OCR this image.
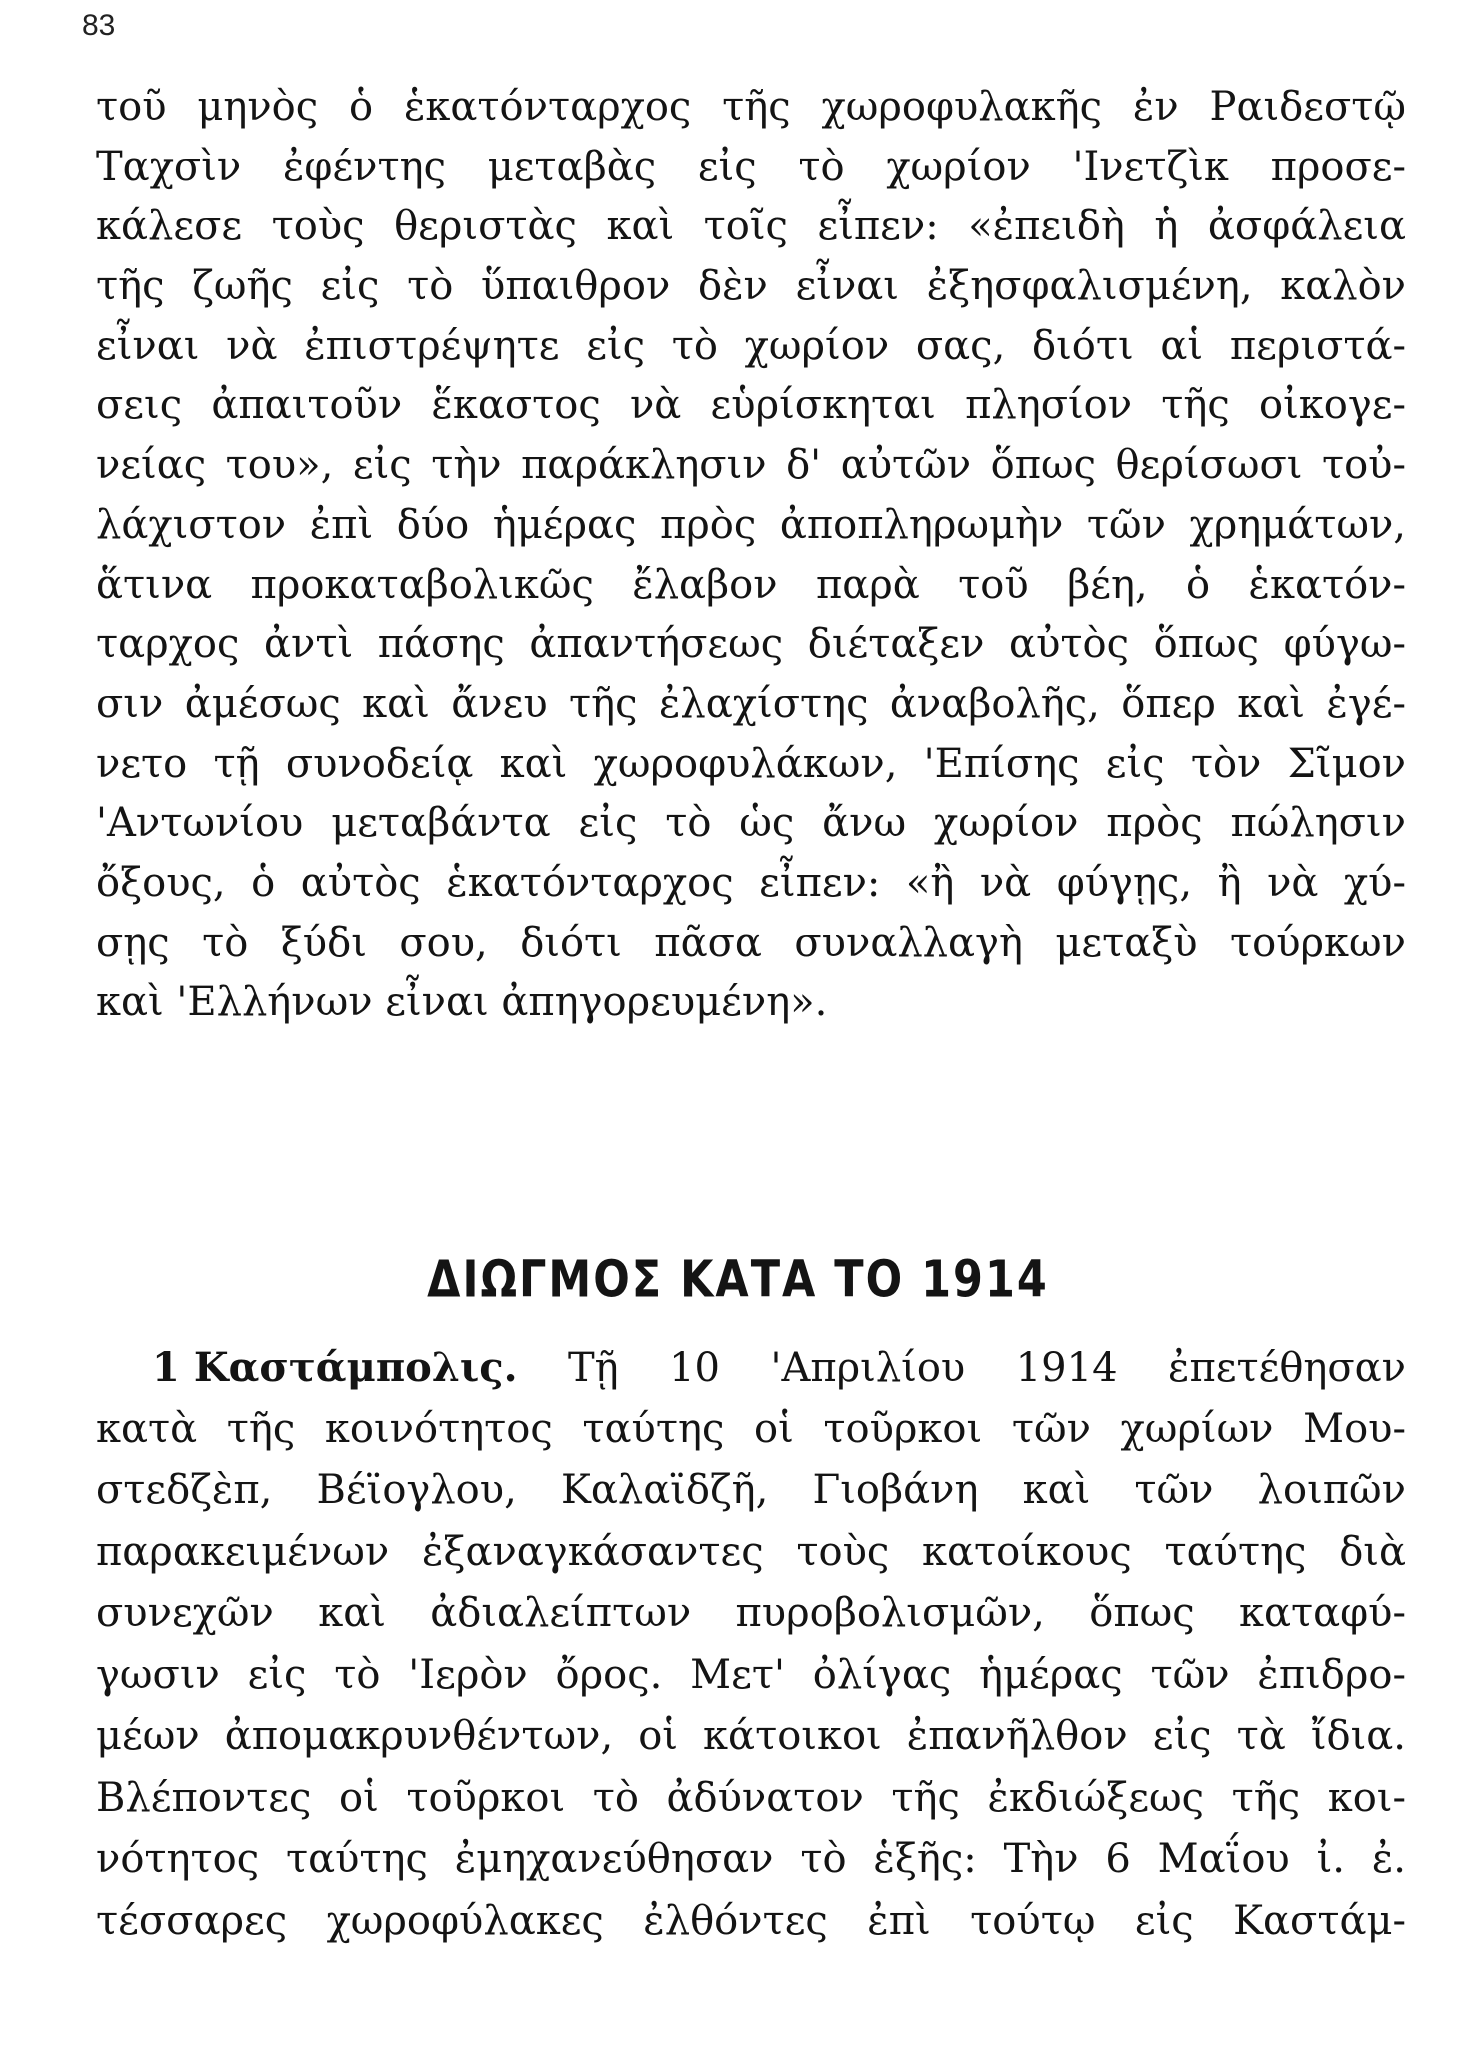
83
τοῦ μηνὸς ὁ ἑκατόνταρχος τῆς χωροφυλακῆς ἐν Ραιδεστῷ
Ταχσὶν ἐφέντης μεταβὰς εἰς τὸ χωρίον 'Ινετζὶκ προσε-
κάλεσε τοὺς θεριστὰς καὶ τοῖς εἶπεν: «ἐπειδὴ ἡ ἀσφάλεια
τῆς ζωῆς εἰς τὸ ὕπαιθρον δὲν εἶναι ἐξησφαλισμένη, καλὸν
εἶναι νὰ ἐπιστρέψητε εἰς τὸ χωρίον σας, διότι αἱ περιστά-
σεις ἀπαιτοῦν ἕκαστος νὰ εὑρίσκηται πλησίον τῆς οἰκογε-
νείας του», εἰς τὴν παράκλησιν δ' αὐτῶν ὅπως θερίσωσι τοὐ-
λάχιστον ἐπὶ δύο ἡμέρας πρὸς ἀποπληρωμὴν τῶν χρημάτων,
ἅτινα προκαταβολικῶς ἔλαβον παρὰ τοῦ βέη, ὁ ἑκατόν-
ταρχος ἀντὶ πάσης ἀπαντήσεως διέταξεν αὐτὸς ὅπως φύγω-
σιν ἀμέσως καὶ ἄνευ τῆς ἐλαχίστης ἀναβολῆς, ὅπερ καὶ ἐγέ-
νετο τῇ συνοδείᾳ καὶ χωροφυλάκων, 'Επίσης εἰς τὸν Σῖμον
'Αντωνίου μεταβάντα εἰς τὸ ὡς ἄνω χωρίον πρὸς πώλησιν
ὄξους, ὁ αὐτὸς ἑκατόνταρχος εἶπεν: «ἢ νὰ φύγῃς, ἢ νὰ χύ-
σῃς τὸ ξύδι σου, διότι πᾶσα συναλλαγὴ μεταξὺ τούρκων
καὶ 'Ελλήνων εἶναι ἀπηγορευμένη».
ΔΙΩΓΜΟΣ ΚΑΤΑ ΤΟ 1914
1 Καστάμπολις. Τῇ 10 'Απριλίου 1914 ἐπετέθησαν
κατὰ τῆς κοινότητος ταύτης οἱ τοῦρκοι τῶν χωρίων Μου-
στεδζὲπ, Βέϊογλου, Καλαϊδζῆ, Γιοβάνη καὶ τῶν λοιπῶν
παρακειμένων ἐξαναγκάσαντες τοὺς κατοίκους ταύτης διὰ
συνεχῶν καὶ ἀδιαλείπτων πυροβολισμῶν, ὅπως καταφύ-
γωσιν εἰς τὸ 'Ιερὸν ὄρος. Μετ' ὀλίγας ἡμέρας τῶν ἐπιδρο-
μέων ἀπομακρυνθέντων, οἱ κάτοικοι ἐπανῆλθον εἰς τὰ ἴδια.
Βλέποντες οἱ τοῦρκοι τὸ ἀδύνατον τῆς ἐκδιώξεως τῆς κοι-
νότητος ταύτης ἐμηχανεύθησαν τὸ ἑξῆς: Τὴν 6 Μαΐου ἰ. ἐ.
τέσσαρες χωροφύλακες ἐλθόντες ἐπὶ τούτῳ εἰς Καστάμ-
